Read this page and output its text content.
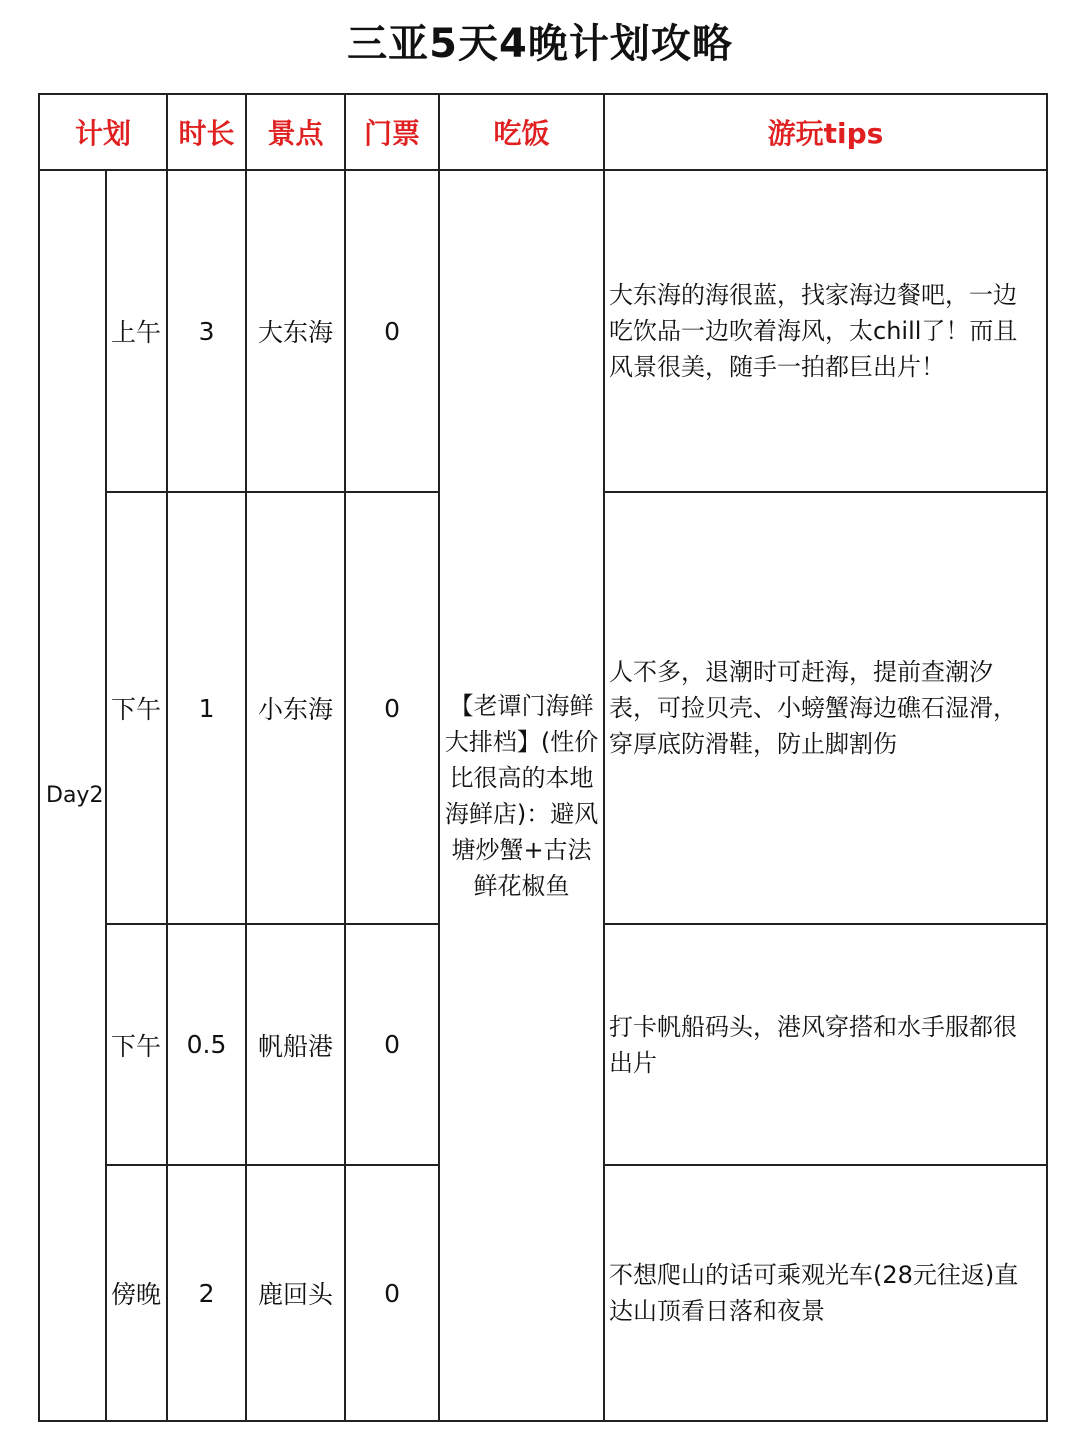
三亚5天4晚计划攻略
计划		时长	景点	门票	吃饭	游玩tips
Day2	上午	3	大东海	0	【老谭门海鲜大排档】(性价比很高的本地海鲜店)：避风塘炒蟹+古法鲜花椒鱼	大东海的海很蓝，找家海边餐吧，一边吃饮品一边吹着海风，太chill了！而且风景很美，随手一拍都巨出片！

	下午	1	小东海	0		人不多，退潮时可赶海，提前查潮汐表，可捡贝壳、小螃蟹海边礁石湿滑，穿厚底防滑鞋，防止脚割伤

	下午	0.5	帆船港	0		打卡帆船码头，港风穿搭和水手服都很出片

	傍晚	2	鹿回头	0		不想爬山的话可乘观光车(28元往返)直达山顶看日落和夜景
